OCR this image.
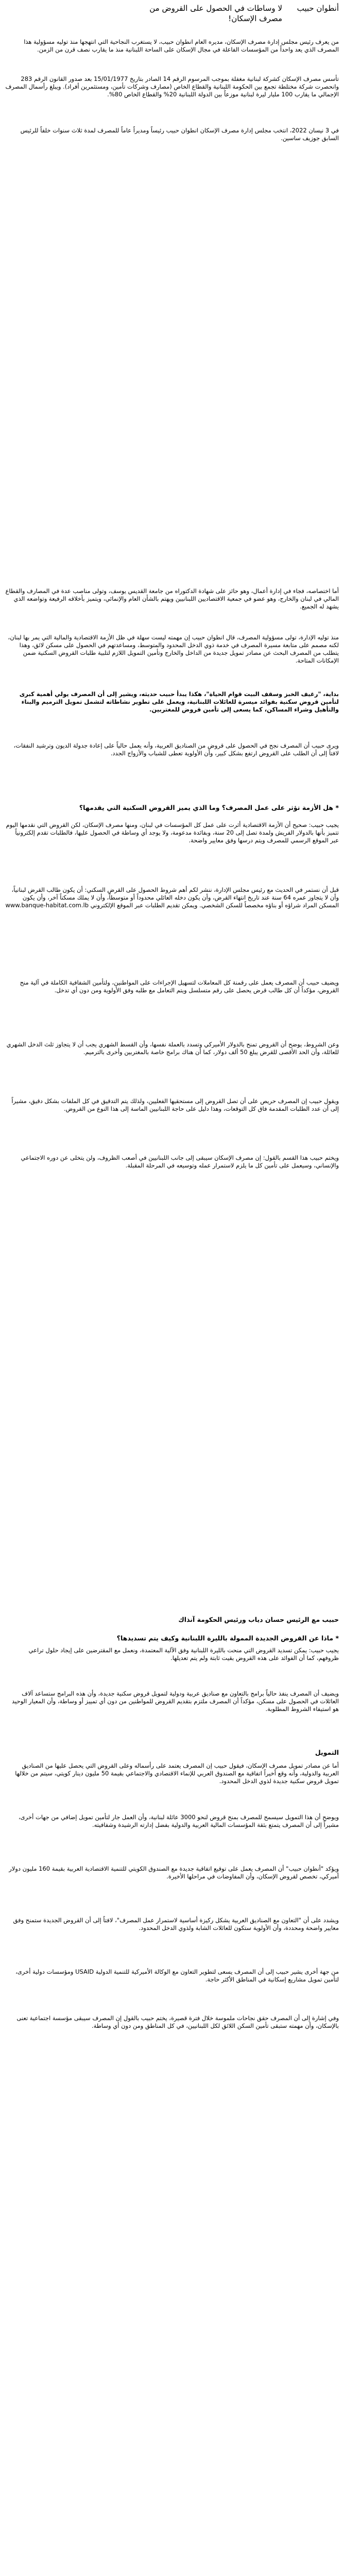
أنطوان حبيب
لا وساطات في الحصول على القروض من مصرف الإسكان!

من يعرف رئيس مجلس إدارة مصرف الإسكان، مديره العام انطوان حبيب، لا يستغرب النجاحية التي انتهجها منذ توليه مسؤولية هذا المصرف الذي يعد واحداً من المؤسسات الفاعلة في مجال الإسكان على الساحة اللبنانية منذ ما يقارب نصف قرن من الزمن.

تأسس مصرف الإسكان كشركة لبنانية مغفلة بموجب المرسوم الرقم 14 الصادر بتاريخ 15/01/1977 بعد صدور القانون الرقم 283 وانحصرت شركة مختلطة تجمع بين الحكومة اللبنانية والقطاع الخاص (مصارف وشركات تأمين، ومستثمرين أفراد). ويبلغ رأسمال المصرف الإجمالي ما يقارب 100 مليار ليرة لبنانية موزعاً بين الدولة اللبنانية 20% والقطاع الخاص 80%.

في 3 نيسان 2022، انتخب مجلس إدارة مصرف الإسكان انطوان حبيب رئيساً ومديراً عاماً للمصرف لمدة ثلاث سنوات خلفاً للرئيس السابق جوزيف ساسين.

أما اختصاصه، فجاء في إدارة أعمال، وهو حائز على شهادة الدكتوراه من جامعة القديس يوسف، وتولى مناصب عدة في المصارف والقطاع المالي في لبنان والخارج، وهو عضو في جمعية الاقتصاديين اللبنانيين ويهتم بالشأن العام والإنمائي، ويتميز بأخلاقه الرفيعة وتواضعه الذي يشهد له الجميع.

منذ توليه الإدارة، تولى مسؤولية المصرف، قال انطوان حبيب إن مهمته ليست سهلة في ظل الأزمة الاقتصادية والمالية التي يمر بها لبنان، لكنه مصمم على متابعة مسيرة المصرف في خدمة ذوي الدخل المحدود والمتوسط، ومساعدتهم في الحصول على مسكن لائق، وهذا يتطلب من المصرف البحث عن مصادر تمويل جديدة من الداخل والخارج وتأمين التمويل اللازم لتلبية طلبات القروض السكنية ضمن الإمكانات المتاحة.

بداية، "رغيف الخبز وسقف البيت قوام الحياة"، هكذا يبدأ حبيب حديثه، ويشير إلى أن المصرف يولي أهمية كبرى لتأمين قروض سكنية بفوائد ميسرة للعائلات اللبنانية، ويعمل على تطوير نشاطاته لتشمل تمويل الترميم والبناء والتأهيل وشراء المساكن، كما يسعى إلى تأمين قروض للمغتربين.

ويرى حبيب أن المصرف نجح في الحصول على قروض من الصناديق العربية، وأنه يعمل حالياً على إعادة جدولة الديون وترشيد النفقات، لافتاً إلى أن الطلب على القروض ارتفع بشكل كبير، وأن الأولوية تعطى للشباب والأزواج الجدد.

* هل الأزمة تؤثر على عمل المصرف؟ وما الذي يميز القروض السكنية التي يقدمها؟

يجيب حبيب: صحيح أن الأزمة الاقتصادية أثرت على عمل كل المؤسسات في لبنان، ومنها مصرف الإسكان، لكن القروض التي نقدمها اليوم تتميز بأنها بالدولار الفريش ولمدة تصل إلى 20 سنة، وبفائدة مدعومة، ولا يوجد أي وساطة في الحصول عليها، فالطلبات تقدم إلكترونياً عبر الموقع الرسمي للمصرف ويتم درسها وفق معايير واضحة.

قبل أن نستمر في الحديث مع رئيس مجلس الإدارة، ننشر لكم أهم شروط الحصول على القرض السكني: أن يكون طالب القرض لبنانياً، وأن لا يتجاوز عمره 64 سنة عند تاريخ انتهاء القرض، وأن يكون دخله العائلي محدوداً أو متوسطاً، وأن لا يملك مسكناً آخر، وأن يكون المسكن المراد شراؤه أو بناؤه مخصصاً للسكن الشخصي. ويمكن تقديم الطلبات عبر الموقع الإلكتروني www.banque-habitat.com.lb

ويضيف حبيب أن المصرف يعمل على رقمنة كل المعاملات لتسهيل الإجراءات على المواطنين، ولتأمين الشفافية الكاملة في آلية منح القروض، مؤكداً أن كل طالب قرض يحصل على رقم متسلسل ويتم التعامل مع طلبه وفق الأولوية ومن دون أي تدخل.

وعن الشروط، يوضح أن القروض تمنح بالدولار الأميركي وتسدد بالعملة نفسها، وأن القسط الشهري يجب أن لا يتجاوز ثلث الدخل الشهري للعائلة، وأن الحد الأقصى للقرض يبلغ 50 ألف دولار، كما أن هناك برامج خاصة بالمغتربين وأخرى بالترميم.

ويقول حبيب إن المصرف حريص على أن تصل القروض إلى مستحقيها الفعليين، ولذلك يتم التدقيق في كل الملفات بشكل دقيق، مشيراً إلى أن عدد الطلبات المقدمة فاق كل التوقعات، وهذا دليل على حاجة اللبنانيين الماسة إلى هذا النوع من القروض.

ويختم حبيب هذا القسم بالقول: إن مصرف الإسكان سيبقى إلى جانب اللبنانيين في أصعب الظروف، ولن يتخلى عن دوره الاجتماعي والإنساني، وسيعمل على تأمين كل ما يلزم لاستمرار عمله وتوسيعه في المرحلة المقبلة.

حبيب مع الرئيس حسان دياب ورئيس الحكومة آنذاك

* ماذا عن القروض الجديدة الممولة بالليرة اللبنانية وكيف يتم تسديدها؟

يجيب حبيب: يمكن تسديد القروض التي منحت بالليرة اللبنانية وفق الآلية المعتمدة، ونعمل مع المقترضين على إيجاد حلول تراعي ظروفهم، كما أن الفوائد على هذه القروض بقيت ثابتة ولم يتم تعديلها.

ويضيف أن المصرف ينفذ حالياً برامج بالتعاون مع صناديق عربية ودولية لتمويل قروض سكنية جديدة، وأن هذه البرامج ستساعد آلاف العائلات في الحصول على مسكن، مؤكداً أن المصرف ملتزم بتقديم القروض للمواطنين من دون أي تمييز أو وساطة، وأن المعيار الوحيد هو استيفاء الشروط المطلوبة.

التمويل

أما عن مصادر تمويل مصرف الإسكان، فيقول حبيب إن المصرف يعتمد على رأسماله وعلى القروض التي يحصل عليها من الصناديق العربية والدولية، وأنه وقع أخيراً اتفاقية مع الصندوق العربي للإنماء الاقتصادي والاجتماعي بقيمة 50 مليون دينار كويتي، سيتم من خلالها تمويل قروض سكنية جديدة لذوي الدخل المحدود.

ويوضح أن هذا التمويل سيسمح للمصرف بمنح قروض لنحو 3000 عائلة لبنانية، وأن العمل جار لتأمين تمويل إضافي من جهات أخرى، مشيراً إلى أن المصرف يتمتع بثقة المؤسسات المالية العربية والدولية بفضل إدارته الرشيدة وشفافيته.

ويؤكد "أنطوان حبيب" أن المصرف يعمل على توقيع اتفاقية جديدة مع الصندوق الكويتي للتنمية الاقتصادية العربية بقيمة 160 مليون دولار أميركي، تخصص لقروض الإسكان، وأن المفاوضات في مراحلها الأخيرة.

ويشدد على أن "التعاون مع الصناديق العربية يشكل ركيزة أساسية لاستمرار عمل المصرف"، لافتاً إلى أن القروض الجديدة ستمنح وفق معايير واضحة ومحددة، وأن الأولوية ستكون للعائلات الشابة ولذوي الدخل المحدود.

من جهة أخرى يشير حبيب إلى أن المصرف يسعى لتطوير التعاون مع الوكالة الأميركية للتنمية الدولية USAID ومؤسسات دولية أخرى، لتأمين تمويل مشاريع إسكانية في المناطق الأكثر حاجة.

وفي إشارة إلى أن المصرف حقق نجاحات ملموسة خلال فترة قصيرة، يختم حبيب بالقول إن المصرف سيبقى مؤسسة اجتماعية تعنى بالإسكان، وأن مهمته ستبقى تأمين السكن اللائق لكل اللبنانيين، في كل المناطق ومن دون أي وساطة.
